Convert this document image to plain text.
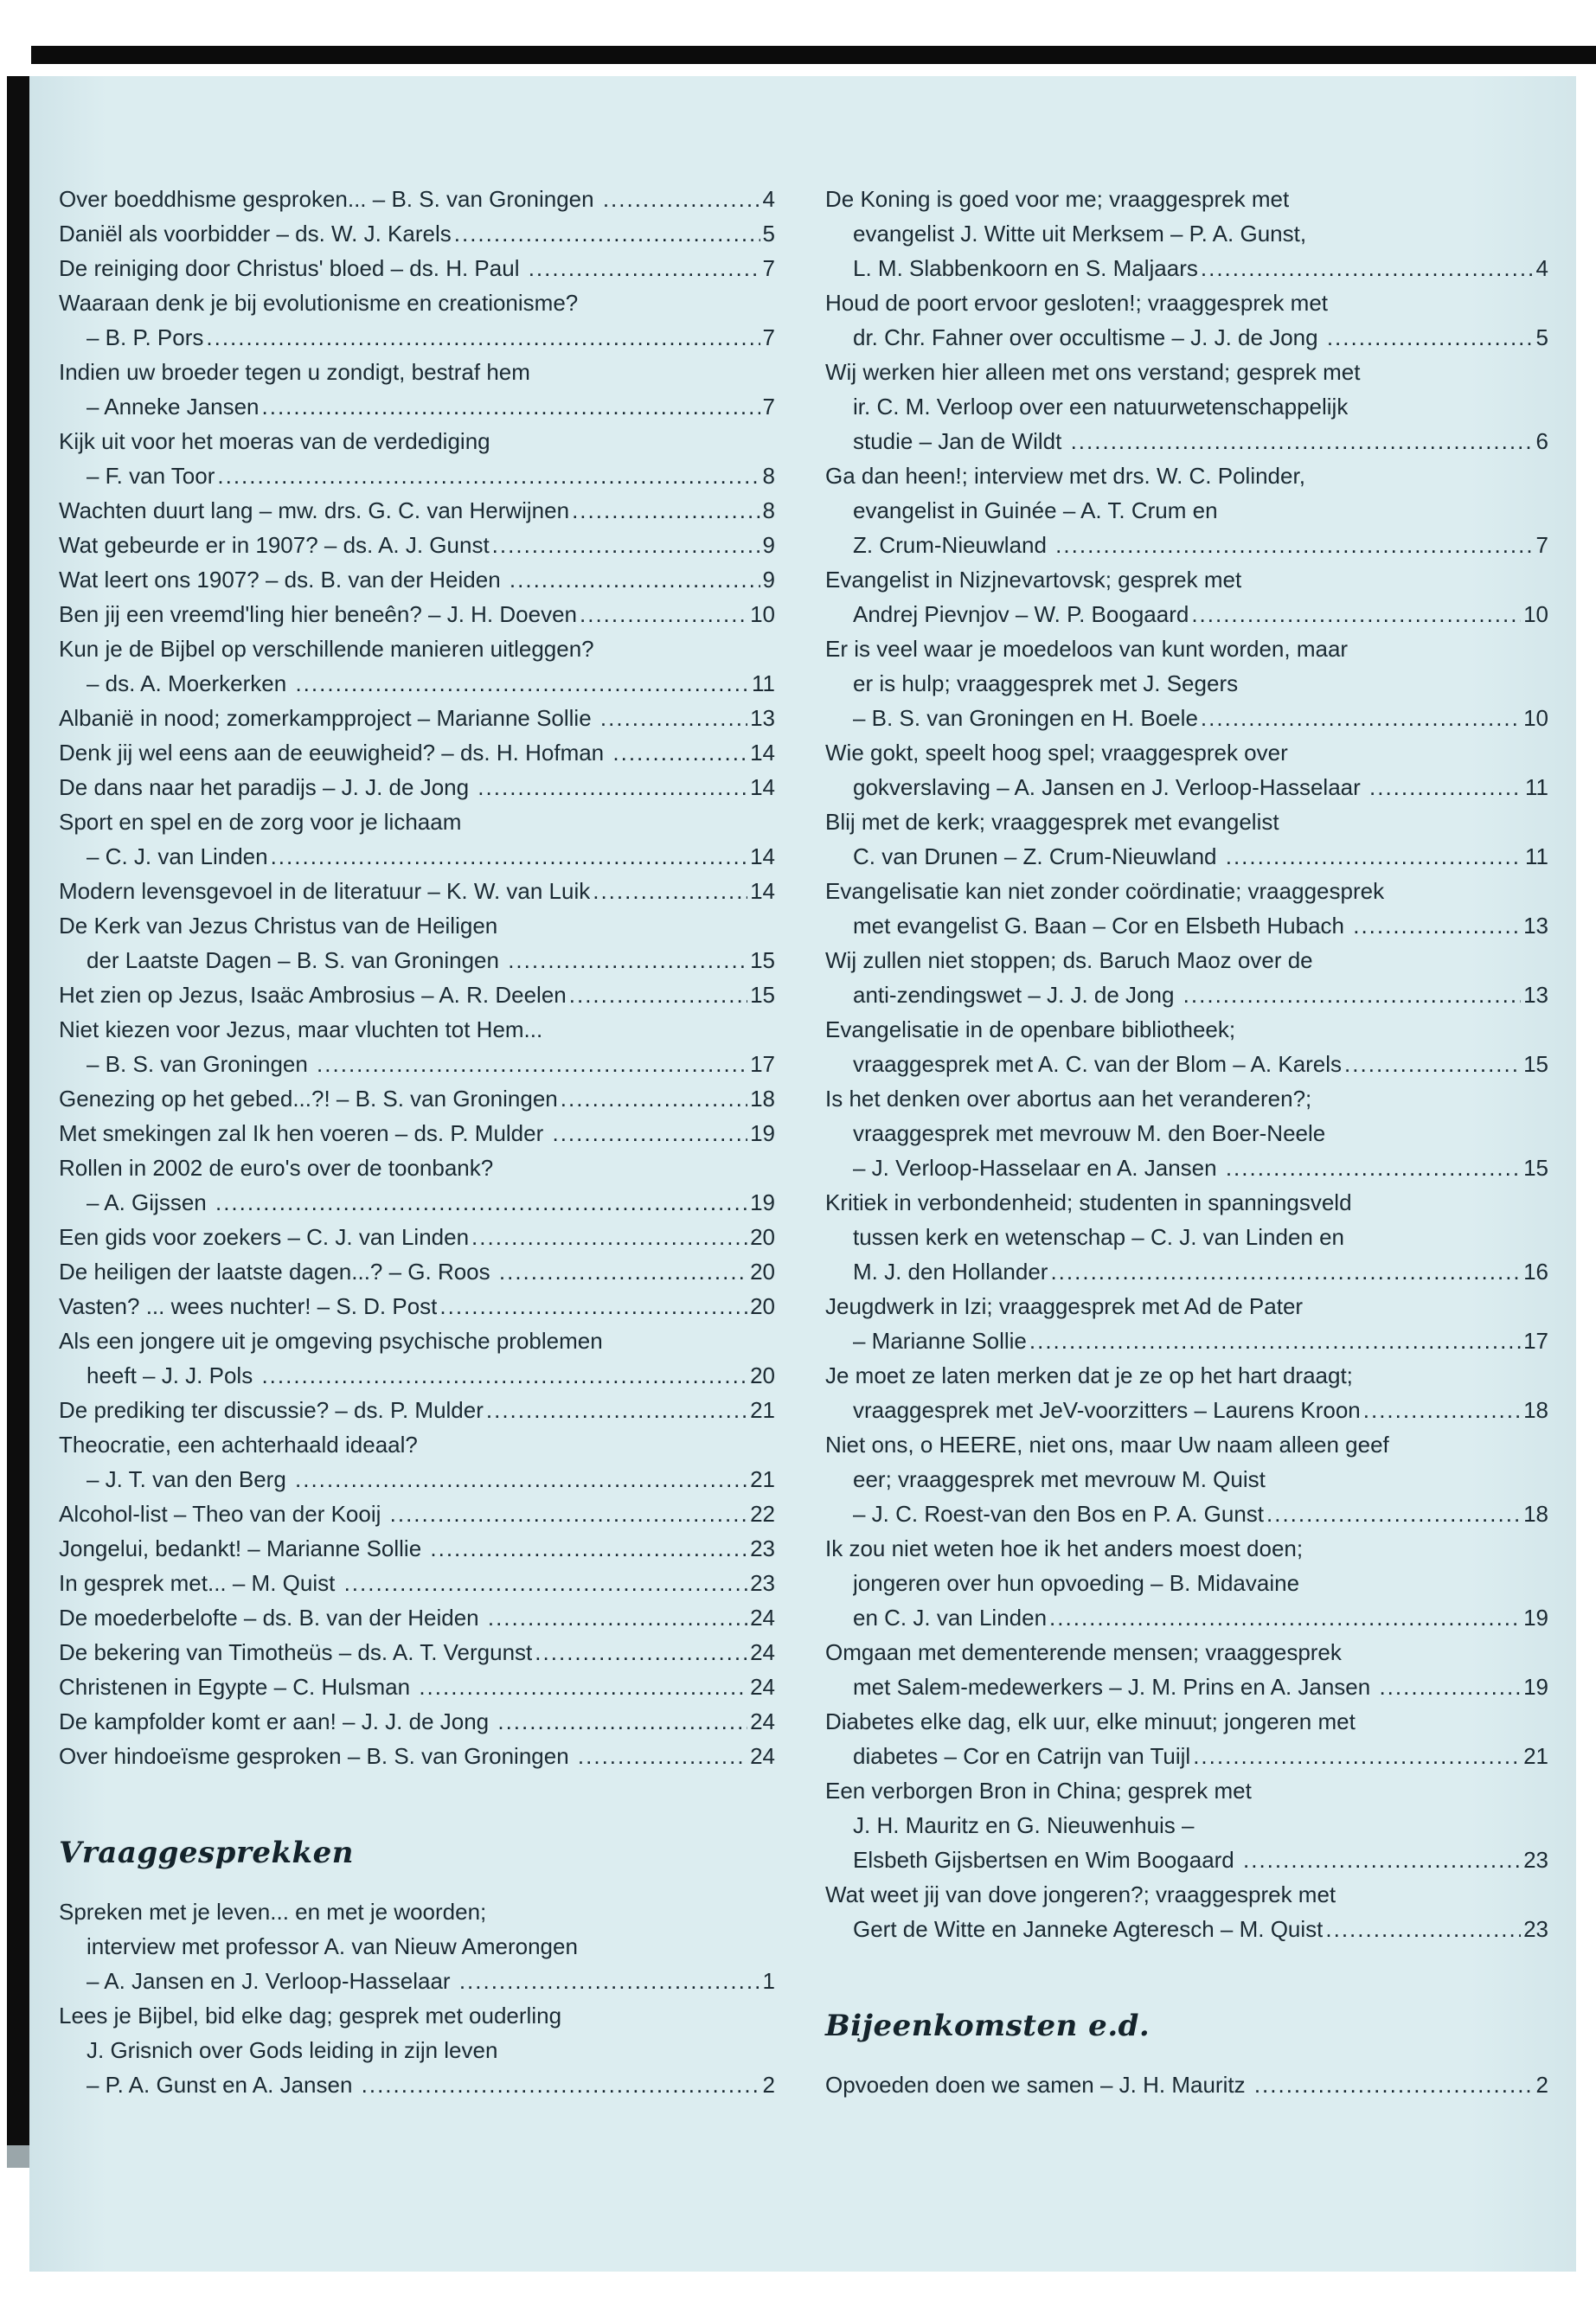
Over boeddhisme gesproken... – B. S. van Groningen .....	4
Daniël als voorbidder – ds. W. J. Karels .....	5
De reiniging door Christus' bloed – ds. H. Paul .....	7
Waaraan denk je bij evolutionisme en creationisme?
– B. P. Pors .....	7
Indien uw broeder tegen u zondigt, bestraf hem
– Anneke Jansen .....	7
Kijk uit voor het moeras van de verdediging
– F. van Toor .....	8
Wachten duurt lang – mw. drs. G. C. van Herwijnen .....	8
Wat gebeurde er in 1907? – ds. A. J. Gunst .....	9
Wat leert ons 1907? – ds. B. van der Heiden .....	9
Ben jij een vreemd'ling hier beneên? – J. H. Doeven .....	10
Kun je de Bijbel op verschillende manieren uitleggen?
– ds. A. Moerkerken .....	11
Albanië in nood; zomerkampproject – Marianne Sollie .....	13
Denk jij wel eens aan de eeuwigheid? – ds. H. Hofman .....	14
De dans naar het paradijs – J. J. de Jong .....	14
Sport en spel en de zorg voor je lichaam
– C. J. van Linden .....	14
Modern levensgevoel in de literatuur – K. W. van Luik .....	14
De Kerk van Jezus Christus van de Heiligen
der Laatste Dagen – B. S. van Groningen .....	15
Het zien op Jezus, Isaäc Ambrosius – A. R. Deelen .....	15
Niet kiezen voor Jezus, maar vluchten tot Hem...
– B. S. van Groningen .....	17
Genezing op het gebed...?! – B. S. van Groningen .....	18
Met smekingen zal Ik hen voeren – ds. P. Mulder .....	19
Rollen in 2002 de euro's over de toonbank?
– A. Gijssen .....	19
Een gids voor zoekers – C. J. van Linden .....	20
De heiligen der laatste dagen...? – G. Roos .....	20
Vasten? ... wees nuchter! – S. D. Post .....	20
Als een jongere uit je omgeving psychische problemen
heeft – J. J. Pols .....	20
De prediking ter discussie? – ds. P. Mulder .....	21
Theocratie, een achterhaald ideaal?
– J. T. van den Berg .....	21
Alcohol-list – Theo van der Kooij .....	22
Jongelui, bedankt! – Marianne Sollie .....	23
In gesprek met... – M. Quist .....	23
De moederbelofte – ds. B. van der Heiden .....	24
De bekering van Timotheüs – ds. A. T. Vergunst .....	24
Christenen in Egypte – C. Hulsman .....	24
De kampfolder komt er aan! – J. J. de Jong .....	24
Over hindoeïsme gesproken – B. S. van Groningen .....	24
Vraaggesprekken
Spreken met je leven... en met je woorden;
interview met professor A. van Nieuw Amerongen
– A. Jansen en J. Verloop-Hasselaar .....	1
Lees je Bijbel, bid elke dag; gesprek met ouderling
J. Grisnich over Gods leiding in zijn leven
– P. A. Gunst en A. Jansen .....	2
De Koning is goed voor me; vraaggesprek met
evangelist J. Witte uit Merksem – P. A. Gunst,
L. M. Slabbenkoorn en S. Maljaars .....	4
Houd de poort ervoor gesloten!; vraaggesprek met
dr. Chr. Fahner over occultisme – J. J. de Jong .....	5
Wij werken hier alleen met ons verstand; gesprek met
ir. C. M. Verloop over een natuurwetenschappelijk
studie – Jan de Wildt .....	6
Ga dan heen!; interview met drs. W. C. Polinder,
evangelist in Guinée – A. T. Crum en
Z. Crum-Nieuwland .....	7
Evangelist in Nizjnevartovsk; gesprek met
Andrej Pievnjov – W. P. Boogaard .....	10
Er is veel waar je moedeloos van kunt worden, maar
er is hulp; vraaggesprek met J. Segers
– B. S. van Groningen en H. Boele .....	10
Wie gokt, speelt hoog spel; vraaggesprek over
gokverslaving – A. Jansen en J. Verloop-Hasselaar .....	11
Blij met de kerk; vraaggesprek met evangelist
C. van Drunen – Z. Crum-Nieuwland .....	11
Evangelisatie kan niet zonder coördinatie; vraaggesprek
met evangelist G. Baan – Cor en Elsbeth Hubach .....	13
Wij zullen niet stoppen; ds. Baruch Maoz over de
anti-zendingswet – J. J. de Jong .....	13
Evangelisatie in de openbare bibliotheek;
vraaggesprek met A. C. van der Blom – A. Karels .....	15
Is het denken over abortus aan het veranderen?;
vraaggesprek met mevrouw M. den Boer-Neele
– J. Verloop-Hasselaar en A. Jansen .....	15
Kritiek in verbondenheid; studenten in spanningsveld
tussen kerk en wetenschap – C. J. van Linden en
M. J. den Hollander .....	16
Jeugdwerk in Izi; vraaggesprek met Ad de Pater
– Marianne Sollie .....	17
Je moet ze laten merken dat je ze op het hart draagt;
vraaggesprek met JeV-voorzitters – Laurens Kroon .....	18
Niet ons, o HEERE, niet ons, maar Uw naam alleen geef
eer; vraaggesprek met mevrouw M. Quist
– J. C. Roest-van den Bos en P. A. Gunst .....	18
Ik zou niet weten hoe ik het anders moest doen;
jongeren over hun opvoeding – B. Midavaine
en C. J. van Linden .....	19
Omgaan met dementerende mensen; vraaggesprek
met Salem-medewerkers – J. M. Prins en A. Jansen .....	19
Diabetes elke dag, elk uur, elke minuut; jongeren met
diabetes – Cor en Catrijn van Tuijl .....	21
Een verborgen Bron in China; gesprek met
J. H. Mauritz en G. Nieuwenhuis –
Elsbeth Gijsbertsen en Wim Boogaard .....	23
Wat weet jij van dove jongeren?; vraaggesprek met
Gert de Witte en Janneke Agteresch – M. Quist .....	23
Bijeenkomsten e.d.
Opvoeden doen we samen – J. H. Mauritz .....	2
